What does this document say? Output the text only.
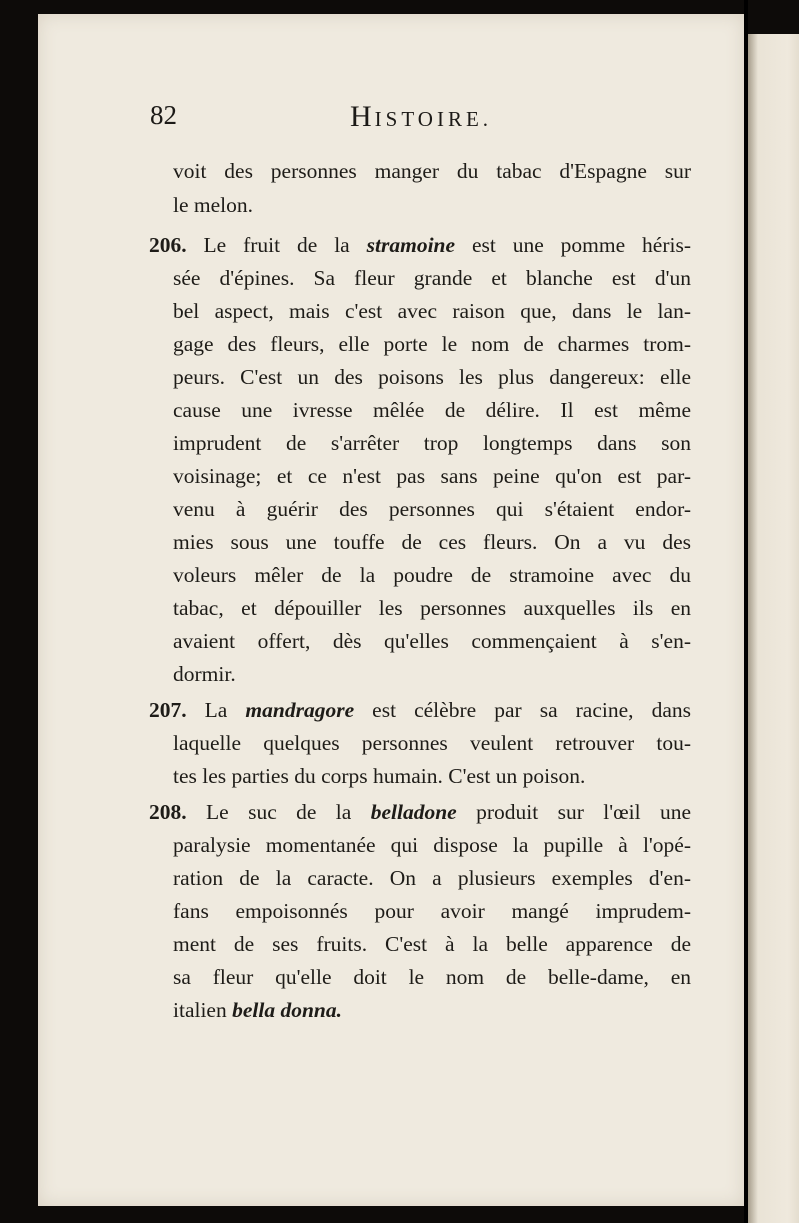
82	HISTOIRE.
voit des personnes manger du tabac d'Espagne sur
le melon.
206. Le fruit de la stramoine est une pomme héris-
sée d'épines. Sa fleur grande et blanche est d'un
bel aspect, mais c'est avec raison que, dans le lan-
gage des fleurs, elle porte le nom de charmes trom-
peurs. C'est un des poisons les plus dangereux: elle
cause une ivresse mêlée de délire. Il est même
imprudent de s'arrêter trop longtemps dans son
voisinage; et ce n'est pas sans peine qu'on est par-
venu à guérir des personnes qui s'étaient endor-
mies sous une touffe de ces fleurs. On a vu des
voleurs mêler de la poudre de stramoine avec du
tabac, et dépouiller les personnes auxquelles ils en
avaient offert, dès qu'elles commençaient à s'en-
dormir.
207. La mandragore est célèbre par sa racine, dans
laquelle quelques personnes veulent retrouver tou-
tes les parties du corps humain. C'est un poison.
208. Le suc de la belladone produit sur l'œil une
paralysie momentanée qui dispose la pupille à l'opé-
ration de la caracte. On a plusieurs exemples d'en-
fans empoisonnés pour avoir mangé imprudem-
ment de ses fruits. C'est à la belle apparence de
sa fleur qu'elle doit le nom de belle-dame, en
italien bella donna.
